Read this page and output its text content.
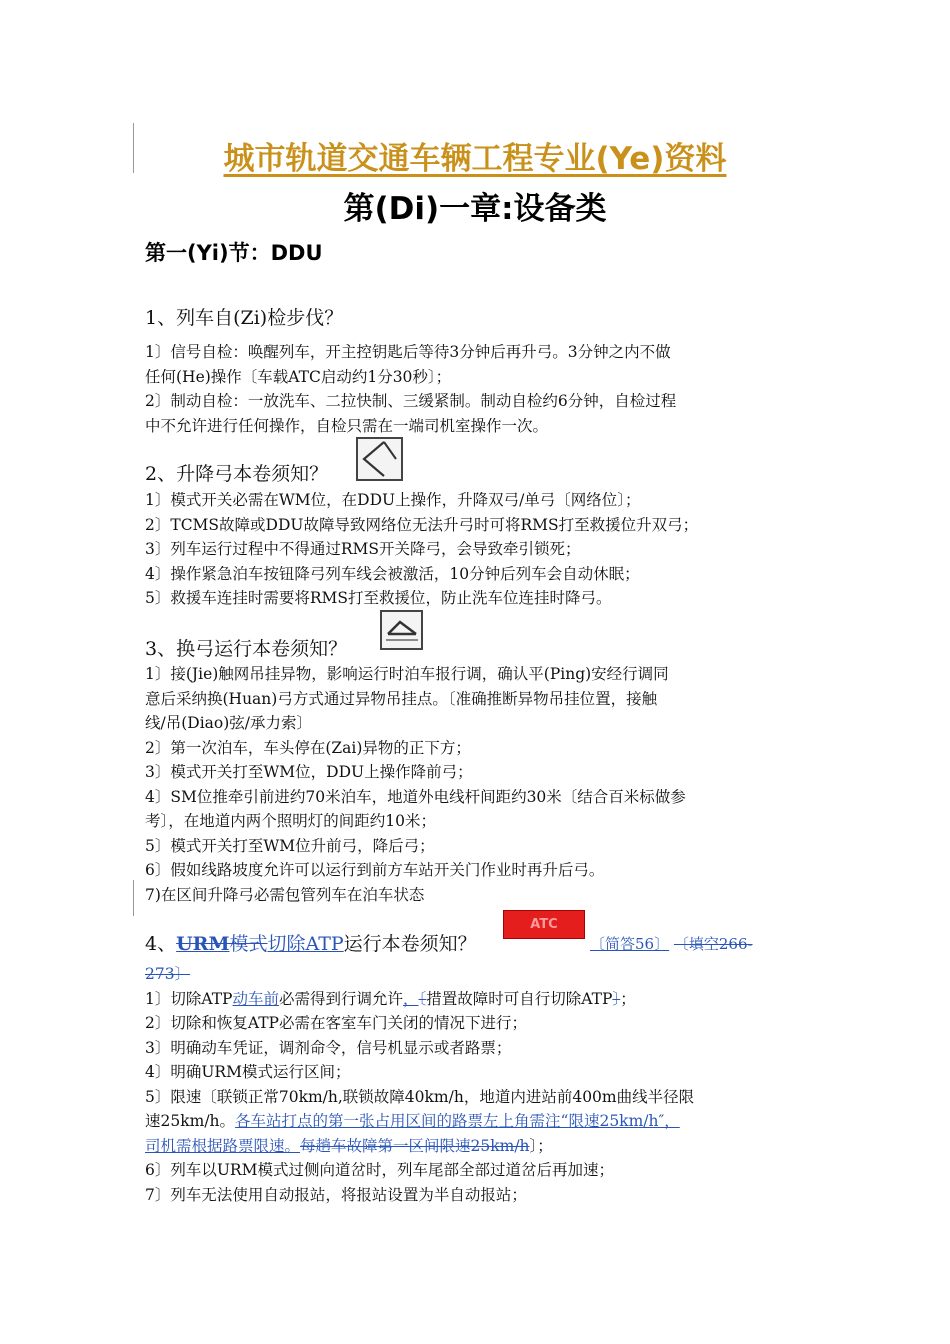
城市轨道交通车辆工程专业(Ye)资料
第(Di)一章:设备类
第一(Yi)节：DDU
1、列车自(Zi)检步伐？
1〕信号自检：唤醒列车，开主控钥匙后等待3分钟后再升弓。3分钟之内不做
任何(He)操作〔车载ATC启动约1分30秒〕；
2〕制动自检：一放洗车、二拉快制、三缓紧制。制动自检约6分钟，自检过程
中不允许进行任何操作，自检只需在一端司机室操作一次。
2、升降弓本卷须知？
1〕模式开关必需在WM位，在DDU上操作，升降双弓/单弓〔网络位〕；
2〕TCMS故障或DDU故障导致网络位无法升弓时可将RMS打至救援位升双弓；
3〕列车运行过程中不得通过RMS开关降弓，会导致牵引锁死；
4〕操作紧急泊车按钮降弓列车线会被激活，10分钟后列车会自动休眠；
5〕救援车连挂时需要将RMS打至救援位，防止洗车位连挂时降弓。
3、换弓运行本卷须知？
1〕接(Jie)触网吊挂异物，影响运行时泊车报行调，确认平(Ping)安经行调同
意后采纳换(Huan)弓方式通过异物吊挂点。〔准确推断异物吊挂位置，接触
线/吊(Diao)弦/承力索〕
2〕第一次泊车，车头停在(Zai)异物的正下方；
3〕模式开关打至WM位，DDU上操作降前弓；
4〕SM位推牵引前进约70米泊车，地道外电线杆间距约30米〔结合百米标做参
考〕，在地道内两个照明灯的间距约10米；
5〕模式开关打至WM位升前弓，降后弓；
6〕假如线路坡度允许可以运行到前方车站开关门作业时再升后弓。
7)在区间升降弓必需包管列车在泊车状态
4、URM模式切除ATP运行本卷须知？
ATC
〔简答56〕 〔填空266-
273〕
1〕切除ATP动车前必需得到行调允许，〔措置故障时可自行切除ATP〕；
2〕切除和恢复ATP必需在客室车门关闭的情况下进行；
3〕明确动车凭证，调剂命令，信号机显示或者路票；
4〕明确URM模式运行区间；
5〕限速〔联锁正常70km/h,联锁故障40km/h，地道内进站前400m曲线半径限
速25km/h。各车站打点的第一张占用区间的路票左上角需注“限速25km/h″，
司机需根据路票限速。每趟车故障第一区间限速25km/h〕；
6〕列车以URM模式过侧向道岔时，列车尾部全部过道岔后再加速；
7〕列车无法使用自动报站，将报站设置为半自动报站；
